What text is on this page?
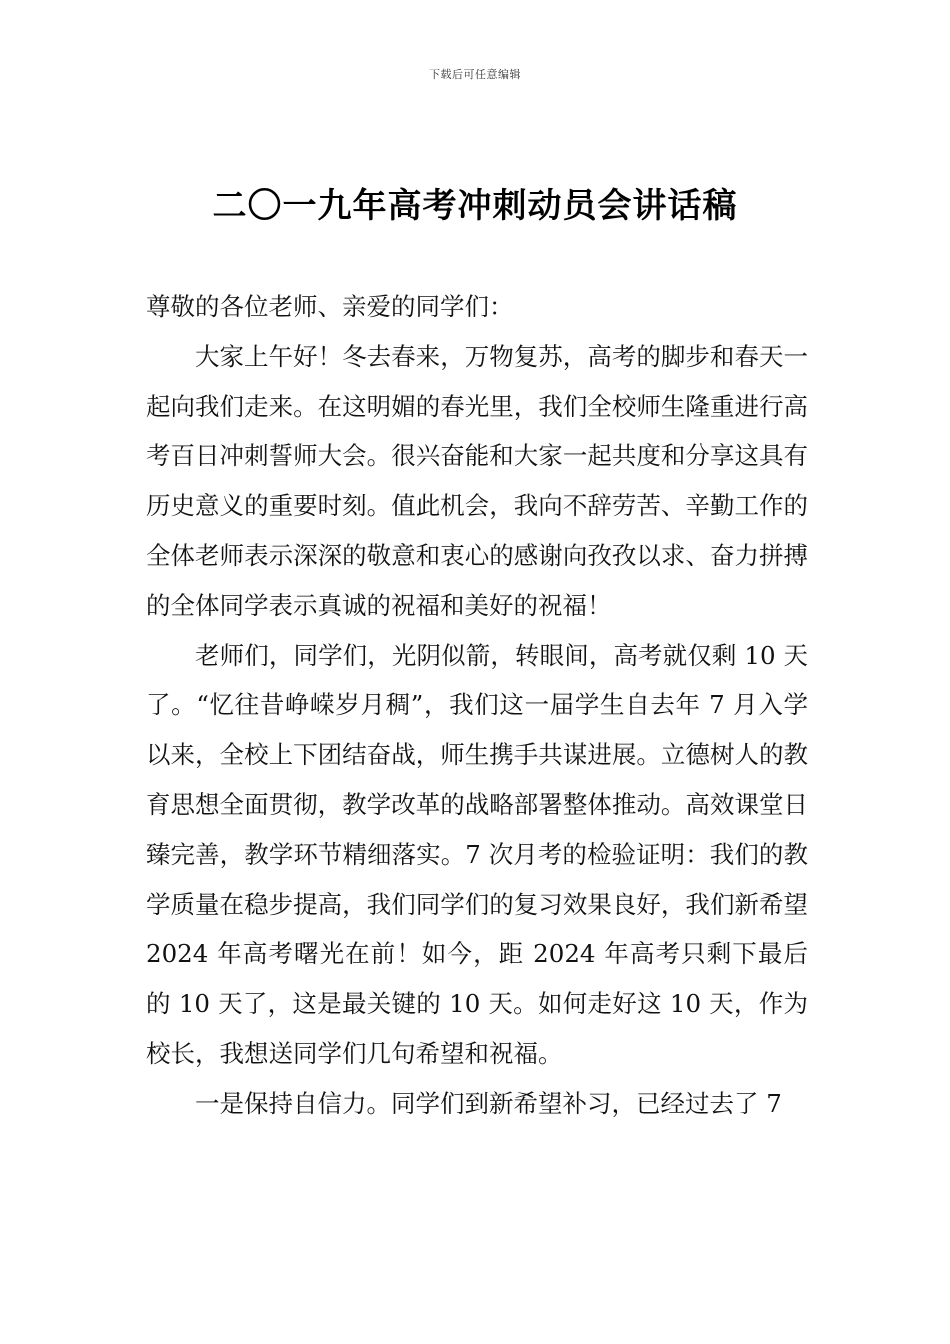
下载后可任意编辑
二〇一九年高考冲刺动员会讲话稿

尊敬的各位老师、亲爱的同学们：

大家上午好！冬去春来，万物复苏，高考的脚步和春天一起向我们走来。在这明媚的春光里，我们全校师生隆重进行高考百日冲刺誓师大会。很兴奋能和大家一起共度和分享这具有历史意义的重要时刻。值此机会，我向不辞劳苦、辛勤工作的全体老师表示深深的敬意和衷心的感谢向孜孜以求、奋力拼搏的全体同学表示真诚的祝福和美好的祝福！

老师们，同学们，光阴似箭，转眼间，高考就仅剩 10 天了。“忆往昔峥嵘岁月稠”，我们这一届学生自去年 7 月入学以来，全校上下团结奋战，师生携手共谋进展。立德树人的教育思想全面贯彻，教学改革的战略部署整体推动。高效课堂日臻完善，教学环节精细落实。7 次月考的检验证明：我们的教学质量在稳步提高，我们同学们的复习效果良好，我们新希望 2024 年高考曙光在前！如今，距 2024 年高考只剩下最后的 10 天了，这是最关键的 10 天。如何走好这 10 天，作为校长，我想送同学们几句希望和祝福。

一是保持自信力。同学们到新希望补习，已经过去了 7
